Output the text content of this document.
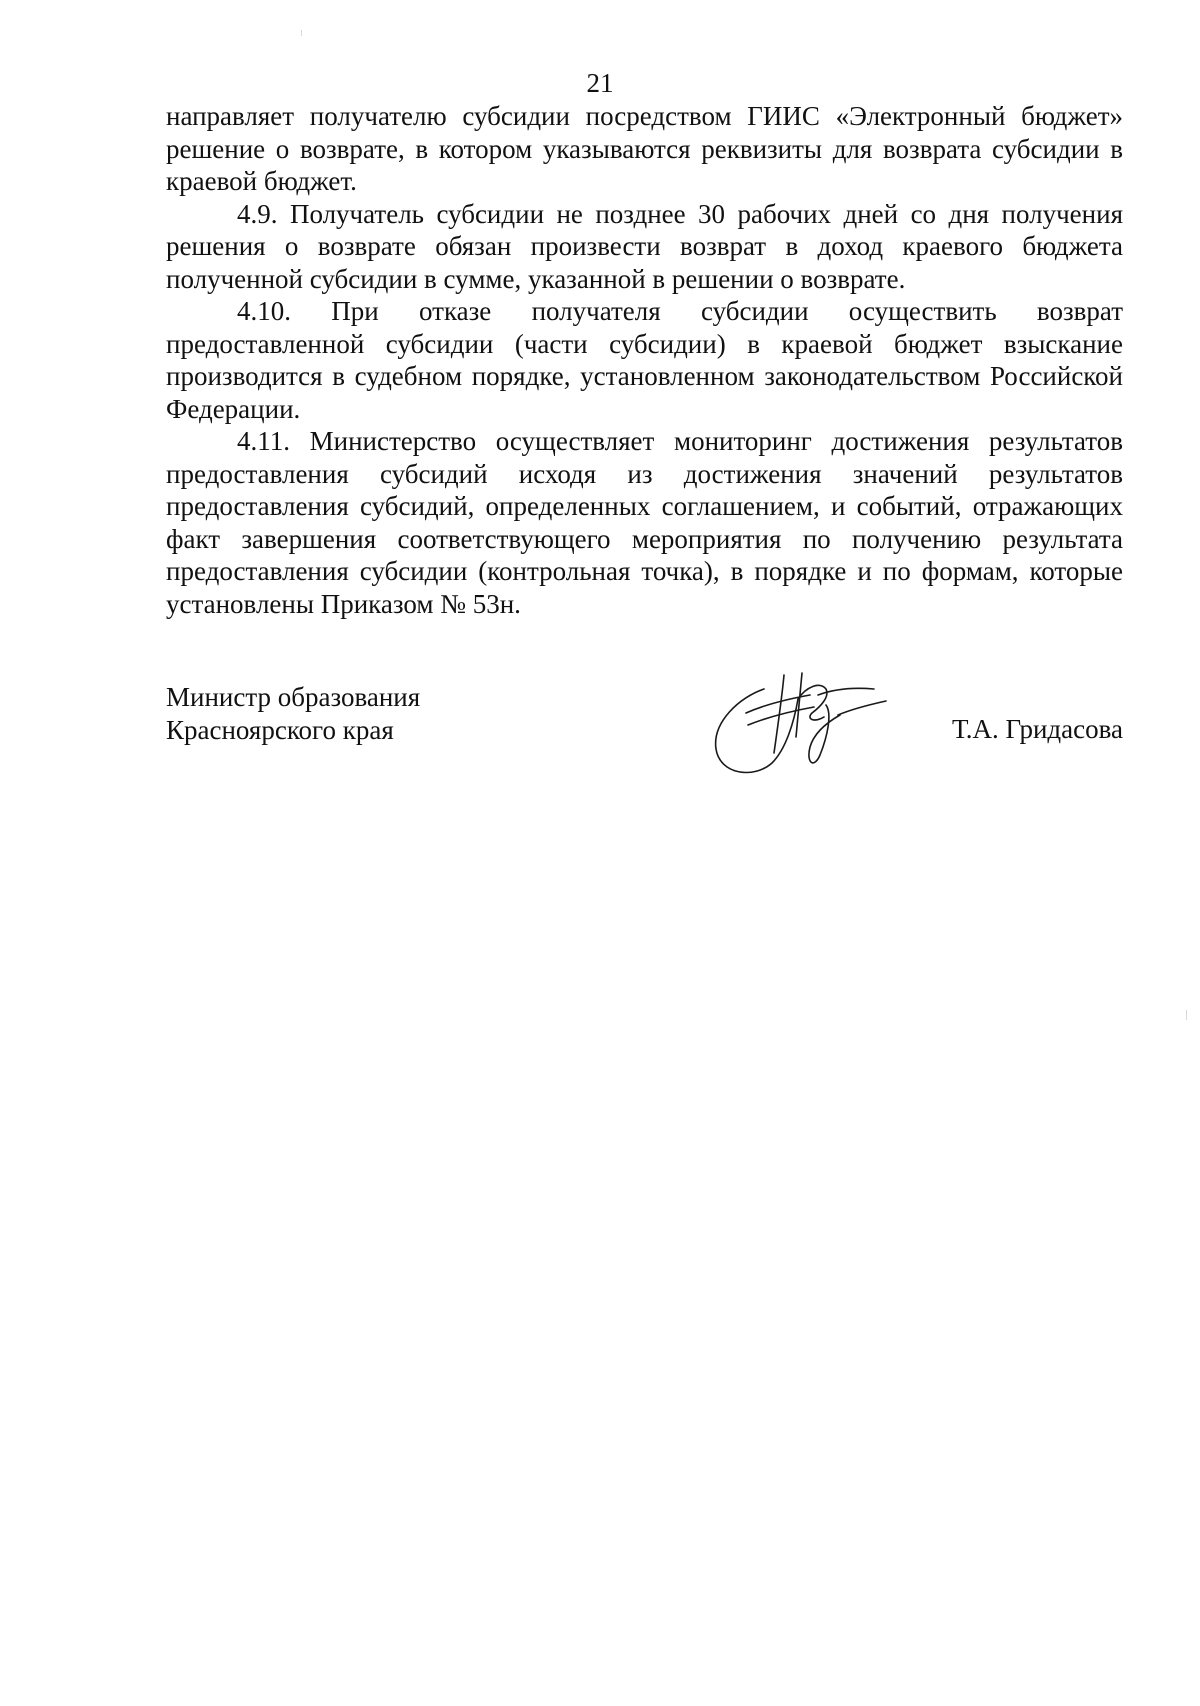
21

направляет получателю субсидии посредством ГИИС «Электронный бюджет» решение о возврате, в котором указываются реквизиты для возврата субсидии в краевой бюджет.

4.9. Получатель субсидии не позднее 30 рабочих дней со дня получения решения о возврате обязан произвести возврат в доход краевого бюджета полученной субсидии в сумме, указанной в решении о возврате.

4.10. При отказе получателя субсидии осуществить возврат предоставленной субсидии (части субсидии) в краевой бюджет взыскание производится в судебном порядке, установленном законодательством Российской Федерации.

4.11. Министерство осуществляет мониторинг достижения результатов предоставления субсидий исходя из достижения значений результатов предоставления субсидий, определенных соглашением, и событий, отражающих факт завершения соответствующего мероприятия по получению результата предоставления субсидии (контрольная точка), в порядке и по формам, которые установлены Приказом № 53н.

Министр образования
Красноярского края	Т.А. Гридасова
